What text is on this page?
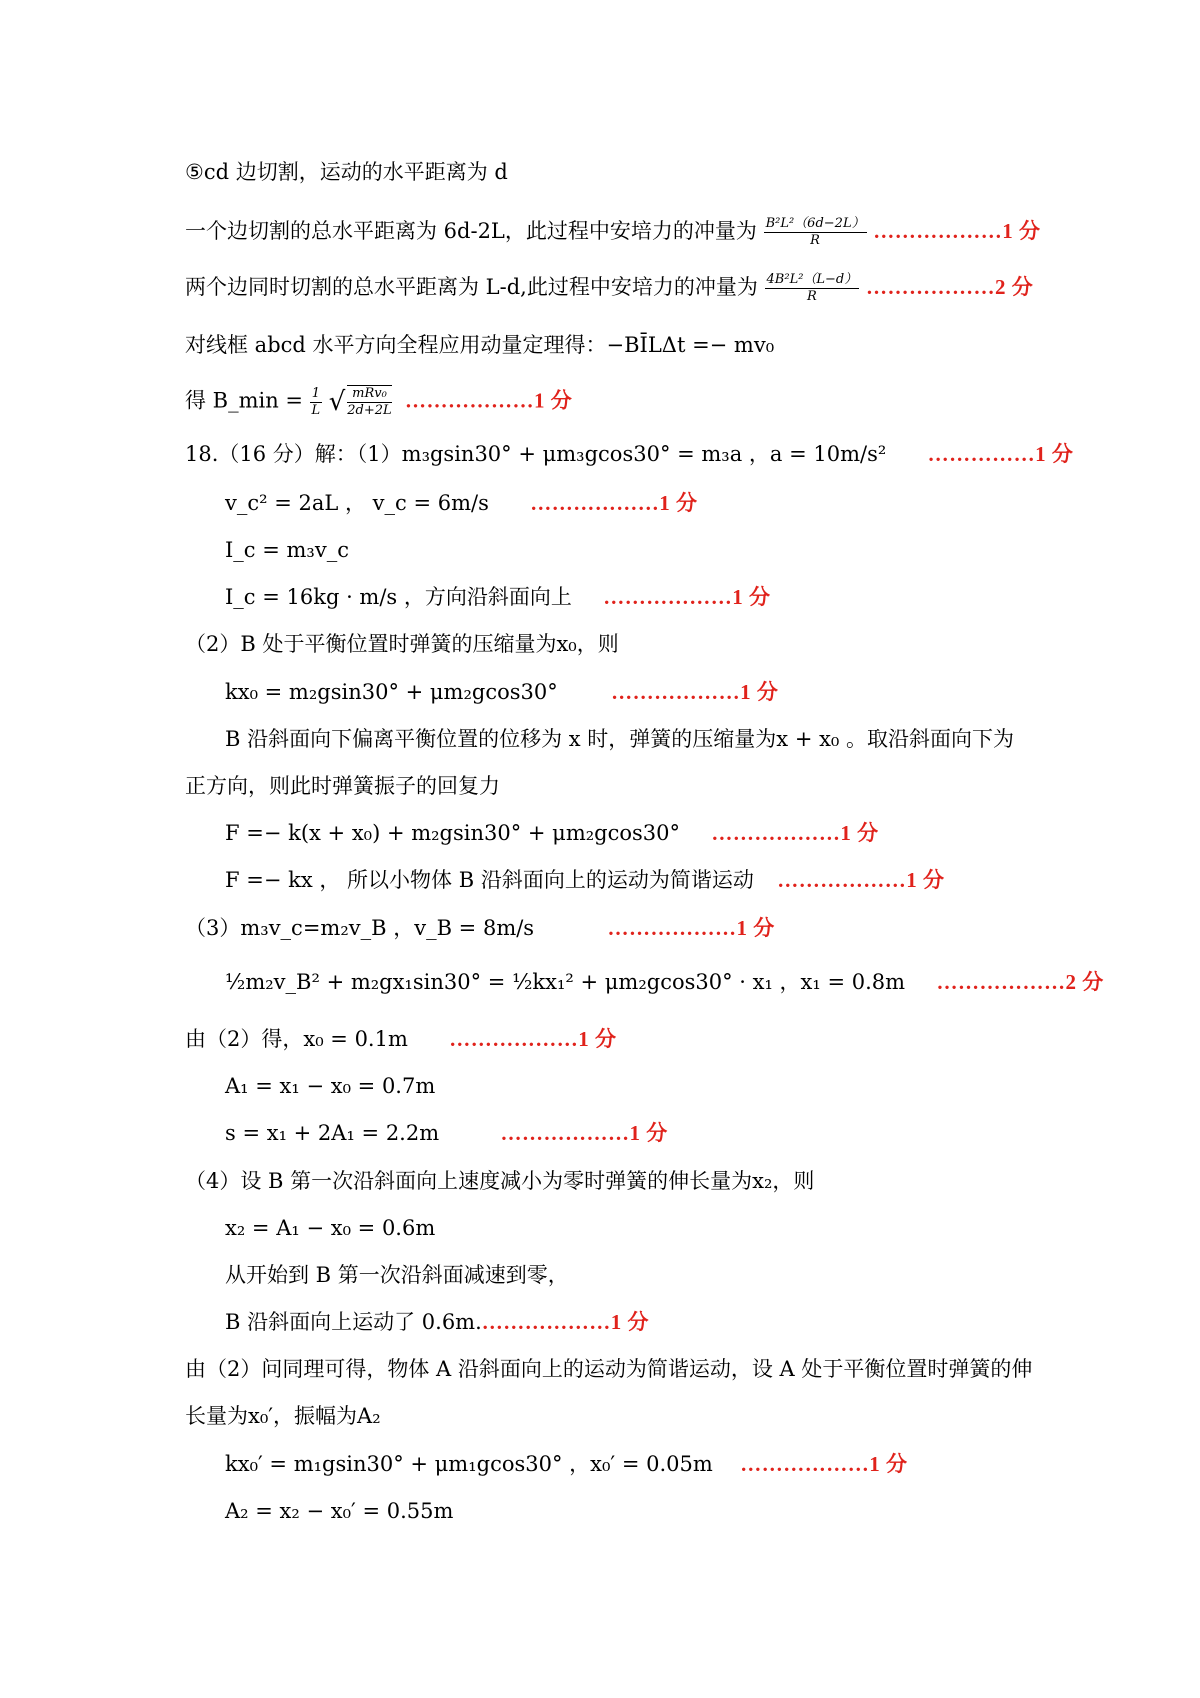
⑤cd 边切割，运动的水平距离为 d
一个边切割的总水平距离为 6d-2L，此过程中安培力的冲量为 $\frac{\text{B²L²（6d−2L）}}{R}$ ………………1 分
两个边同时切割的总水平距离为 L-d,此过程中安培力的冲量为 $\frac{\text{4B²L²（L−d）}}{R}$ ………………2 分
对线框 abcd 水平方向全程应用动量定理得：−BĪLΔt =− mv₀
得 B_min = $\frac{1}{L}$ √ $\frac{\text{mRv₀}}{2d+2L}$ ………………1 分
18.（16 分）解：（1）m₃gsin30° + μm₃gcos30° = m₃a ，a = 10m/s² ……………1 分
v_c² = 2aL ， v_c = 6m/s ………………1 分
I_c = m₃v_c
I_c = 16kg · m/s ，方向沿斜面向上 ………………1 分
（2）B 处于平衡位置时弹簧的压缩量为x₀，则
kx₀ = m₂gsin30° + μm₂gcos30°	………………1 分
B 沿斜面向下偏离平衡位置的位移为 x 时，弹簧的压缩量为x + x₀ 。取沿斜面向下为
正方向，则此时弹簧振子的回复力
F =− k(x + x₀) + m₂gsin30° + μm₂gcos30° ………………1 分
F =− kx ， 所以小物体 B 沿斜面向上的运动为简谐运动 ………………1 分
（3）m₃v_c=m₂v_B ，v_B = 8m/s	………………1 分
½m₂v_B² + m₂gx₁sin30° = ½kx₁² + μm₂gcos30° · x₁ ，x₁ = 0.8m ………………2 分
由（2）得，x₀ = 0.1m ………………1 分
A₁ = x₁ − x₀ = 0.7m
s = x₁ + 2A₁ = 2.2m	………………1 分
（4）设 B 第一次沿斜面向上速度减小为零时弹簧的伸长量为x₂，则
x₂ = A₁ − x₀ = 0.6m
从开始到 B 第一次沿斜面减速到零，
B 沿斜面向上运动了 0.6m.………………1 分
由（2）问同理可得，物体 A 沿斜面向上的运动为简谐运动，设 A 处于平衡位置时弹簧的伸
长量为x₀′，振幅为A₂
kx₀′ = m₁gsin30° + μm₁gcos30° ，x₀′ = 0.05m ………………1 分
A₂ = x₂ − x₀′ = 0.55m
